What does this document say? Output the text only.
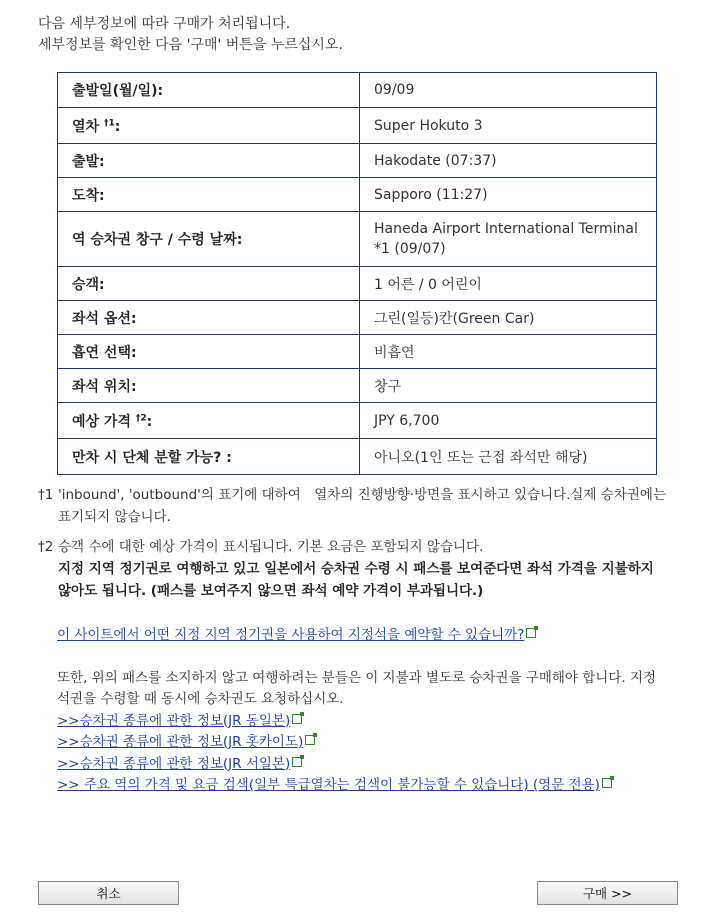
다음 세부정보에 따라 구매가 처리됩니다.
세부정보를 확인한 다음 '구매' 버튼을 누르십시오.
출발일(월/일):	09/09
열차 $^{\dagger 1}$:	Super Hokuto 3
출발:	Hakodate (07:37)
도착:	Sapporo (11:27)
역 승차권 창구 / 수령 날짜:	Haneda Airport International Terminal
*1 (09/07)

승객:	1 어른 / 0 어린이
좌석 옵션:	그린(일등)칸(Green Car)
흡연 선택:	비흡연
좌석 위치:	창구
예상 가격 $^{\dagger 2}$:	JPY 6,700
만차 시 단체 분할 가능? :	아니오(1인 또는 근접 좌석만 해당)
†1 'inbound', 'outbound'의 표기에 대하여　열차의 진행방향·방면을 표시하고 있습니다.실제 승차권에는 표기되지 않습니다.
†2 승객 수에 대한 예상 가격이 표시됩니다. 기본 요금은 포함되지 않습니다.
지정 지역 정기권로 여행하고 있고 일본에서 승차권 수령 시 패스를 보여준다면 좌석 가격을 지불하지 않아도 됩니다. (패스를 보여주지 않으면 좌석 예약 가격이 부과됩니다.)
이 사이트에서 어떤 지정 지역 정기권을 사용하여 지정석을 예약할 수 있습니까?
또한, 위의 패스를 소지하지 않고 여행하려는 분들은 이 지불과 별도로 승차권을 구매해야 합니다. 지정석권을 수령할 때 동시에 승차권도 요청하십시오.
>>승차권 종류에 관한 정보(JR 동일본)
>>승차권 종류에 관한 정보(JR 홋카이도)
>>승차권 종류에 관한 정보(JR 서일본)
>> 주요 역의 가격 및 요금 검색(일부 특급열차는 검색이 불가능할 수 있습니다) (영문 전용)
취소	구매 >>
